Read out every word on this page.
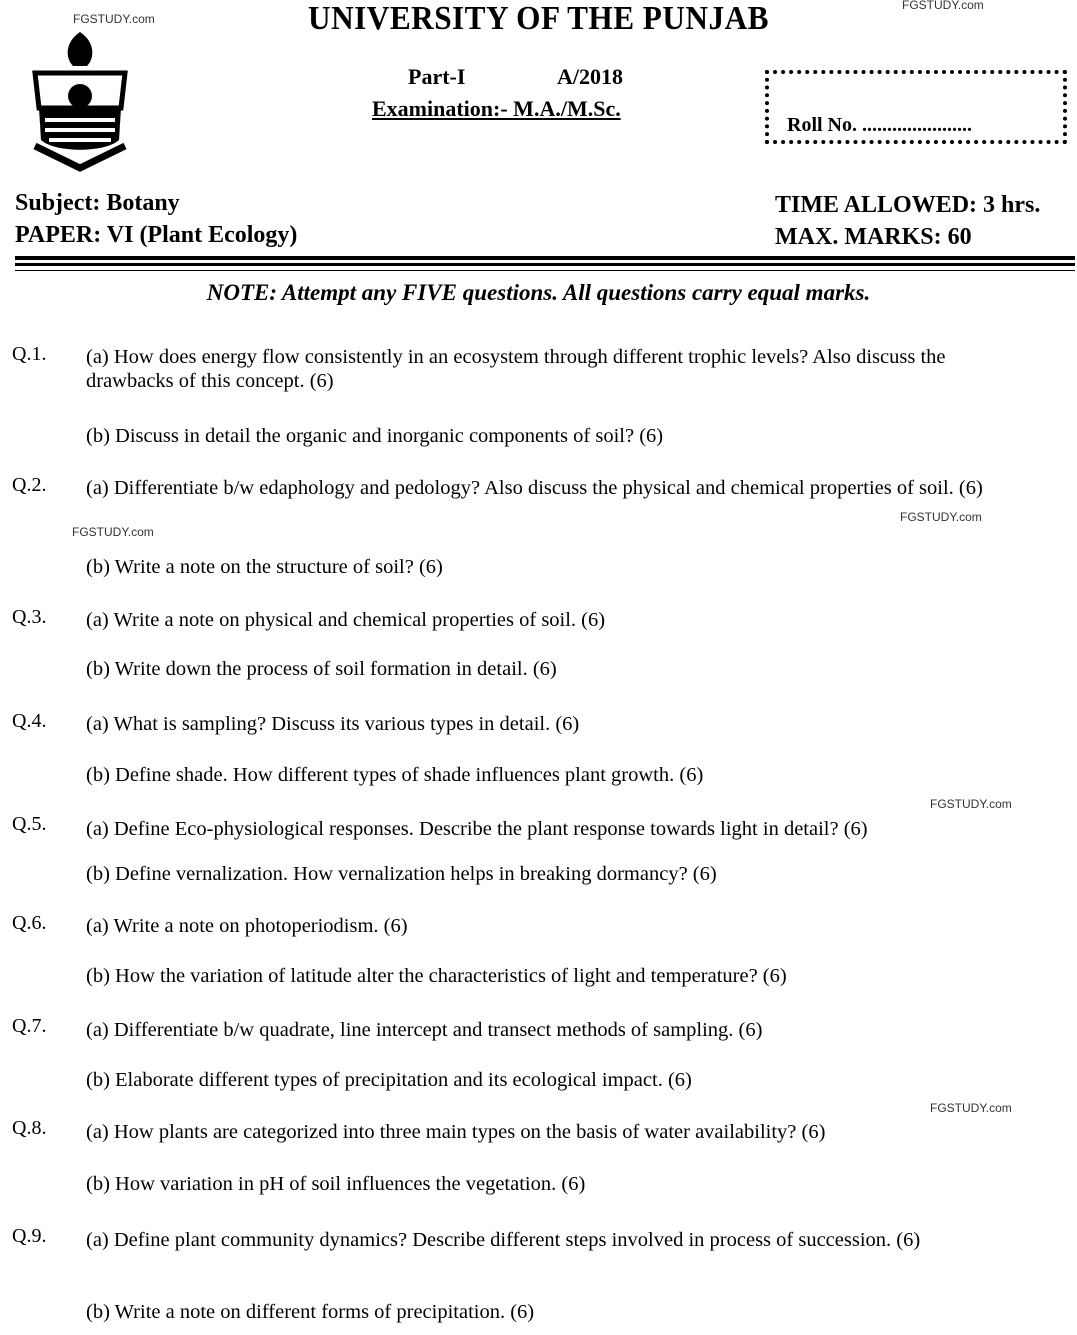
FGSTUDY.com
FGSTUDY.com
FGSTUDY.com
FGSTUDY.com
FGSTUDY.com
FGSTUDY.com
UNIVERSITY OF THE PUNJAB
Part-I	A/2018
Examination:- M.A./M.Sc.
Roll No. ......................
Subject: Botany
PAPER: VI (Plant Ecology)
TIME ALLOWED: 3 hrs.
MAX. MARKS: 60
NOTE: Attempt any FIVE questions. All questions carry equal marks.
Q.1. (a) How does energy flow consistently in an ecosystem through different trophic levels? Also discuss the drawbacks of this concept. (6)
(b) Discuss in detail the organic and inorganic components of soil? (6)
Q.2. (a) Differentiate b/w edaphology and pedology? Also discuss the physical and chemical properties of soil. (6)
(b) Write a note on the structure of soil? (6)
Q.3. (a) Write a note on physical and chemical properties of soil. (6)
(b) Write down the process of soil formation in detail. (6)
Q.4. (a) What is sampling? Discuss its various types in detail. (6)
(b) Define shade. How different types of shade influences plant growth. (6)
Q.5. (a) Define Eco-physiological responses. Describe the plant response towards light in detail? (6)
(b) Define vernalization. How vernalization helps in breaking dormancy? (6)
Q.6. (a) Write a note on photoperiodism. (6)
(b) How the variation of latitude alter the characteristics of light and temperature? (6)
Q.7. (a) Differentiate b/w quadrate, line intercept and transect methods of sampling. (6)
(b) Elaborate different types of precipitation and its ecological impact. (6)
Q.8. (a) How plants are categorized into three main types on the basis of water availability? (6)
(b) How variation in pH of soil influences the vegetation. (6)
Q.9. (a) Define plant community dynamics? Describe different steps involved in process of succession. (6)
(b) Write a note on different forms of precipitation. (6)
